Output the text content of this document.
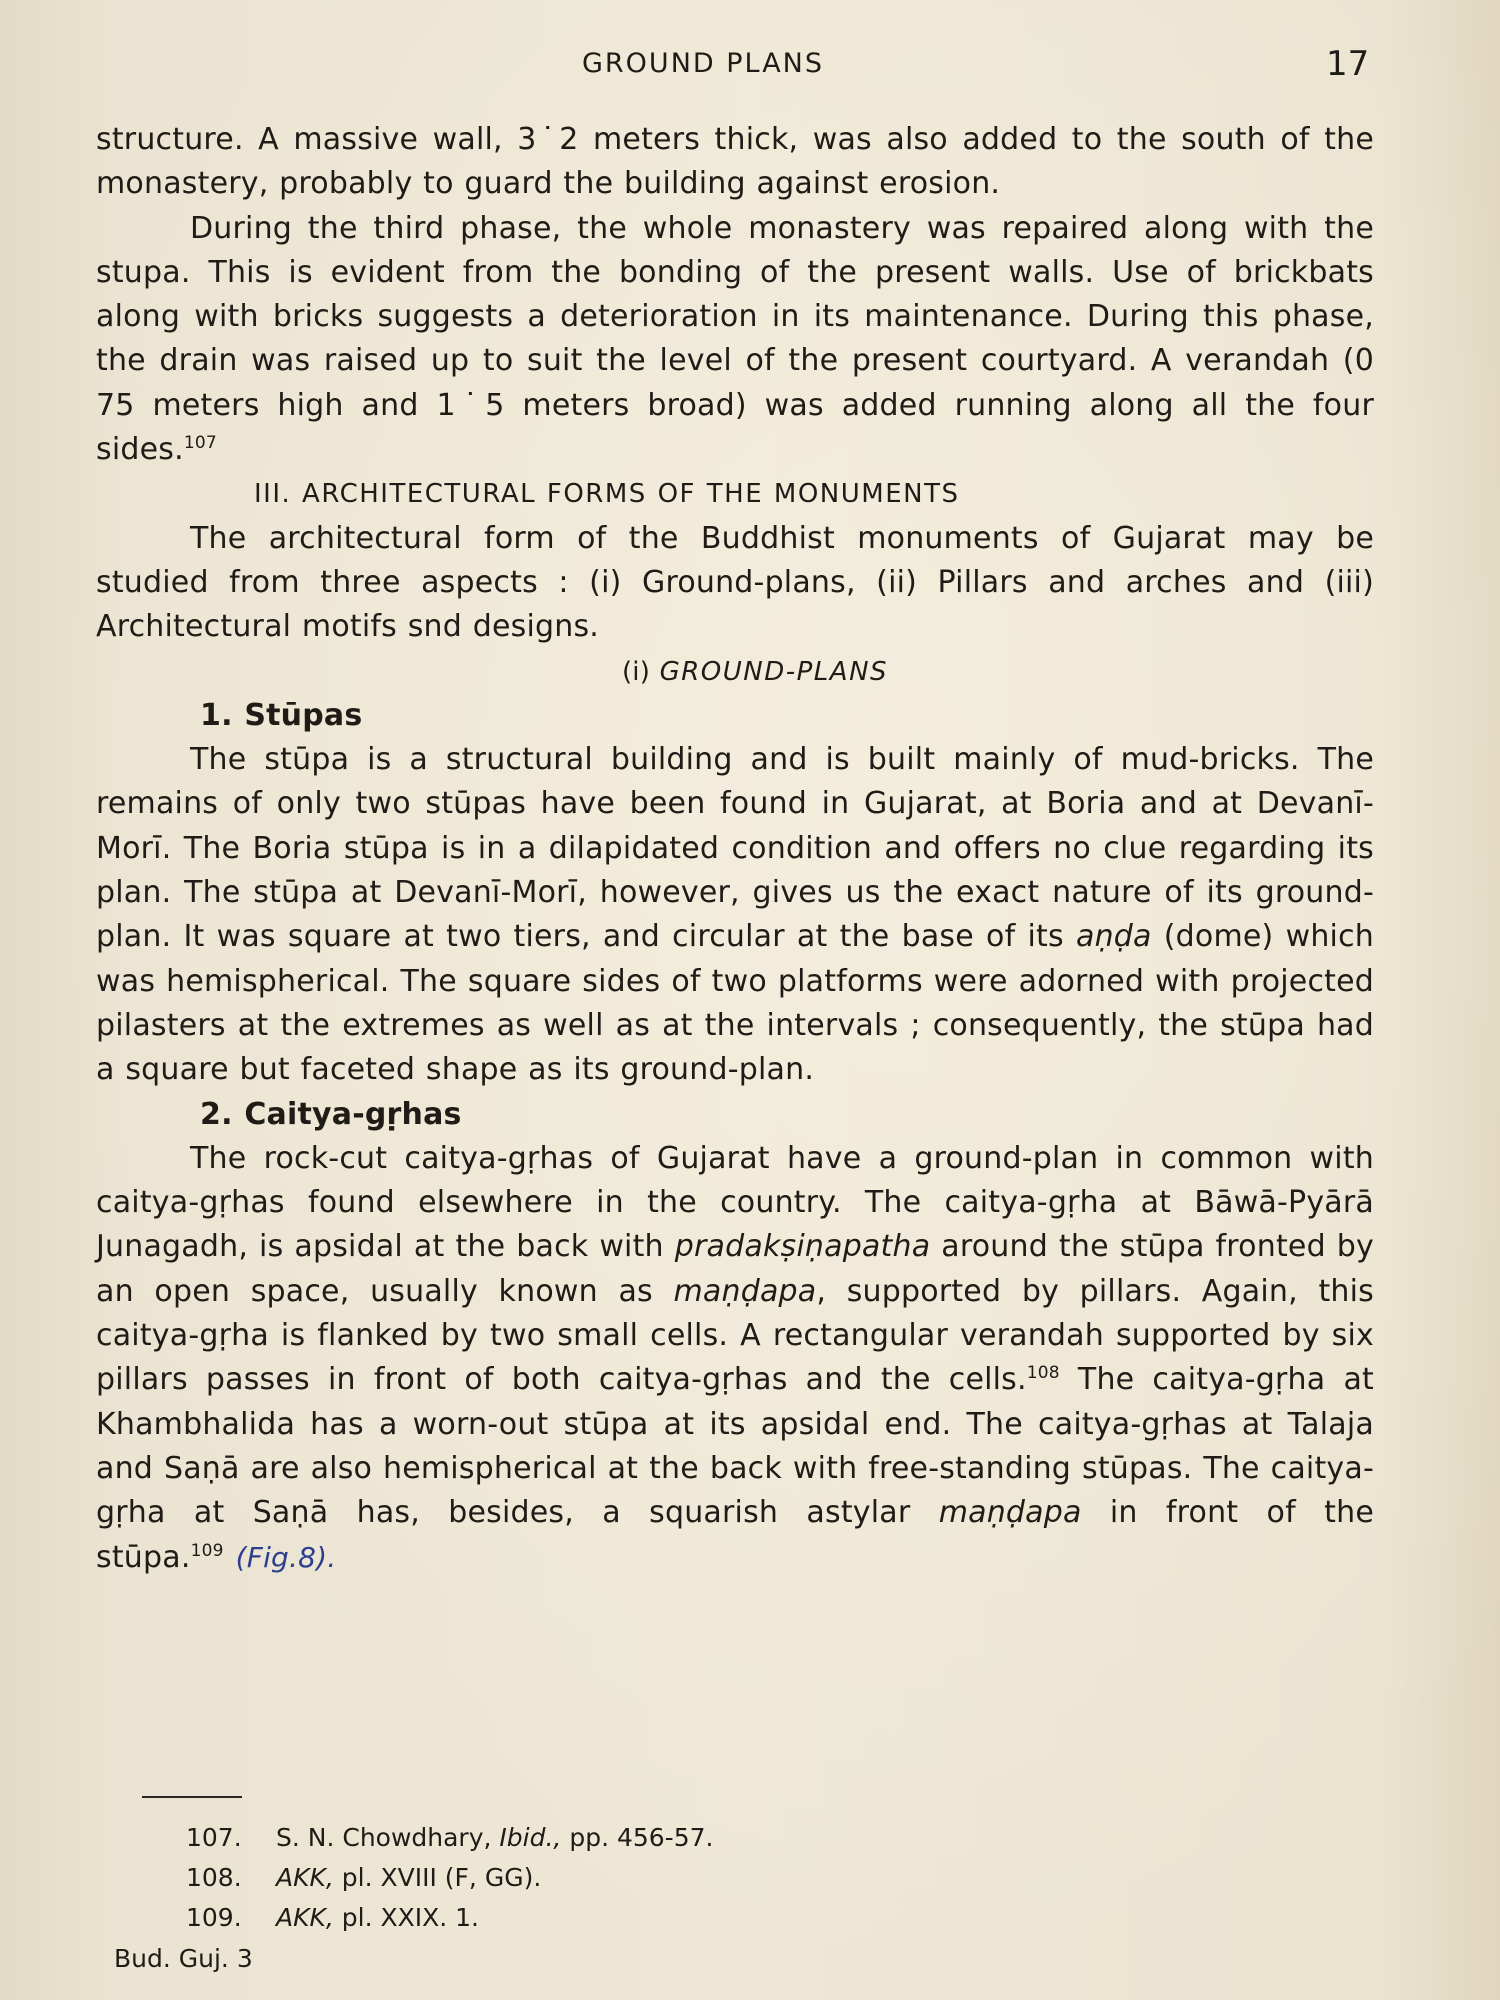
GROUND PLANS	17

structure. A massive wall, 3˙2 meters thick, was also added to the south of the monastery, probably to guard the building against erosion.

During the third phase, the whole monastery was repaired along with the stupa. This is evident from the bonding of the present walls. Use of brickbats along with bricks suggests a deterioration in its maintenance. During this phase, the drain was raised up to suit the level of the present courtyard. A verandah (0 75 meters high and 1˙5 meters broad) was added running along all the four sides.$^{107}$

III. ARCHITECTURAL FORMS OF THE MONUMENTS

The architectural form of the Buddhist monuments of Gujarat may be studied from three aspects : (i) Ground-plans, (ii) Pillars and arches and (iii) Architectural motifs snd designs.

(i) GROUND-PLANS

1. Stūpas

The stūpa is a structural building and is built mainly of mud-bricks. The remains of only two stūpas have been found in Gujarat, at Boria and at Devanī-Morī. The Boria stūpa is in a dilapidated condition and offers no clue regarding its plan. The stūpa at Devanī-Morī, however, gives us the exact nature of its ground-plan. It was square at two tiers, and circular at the base of its aṇḍa (dome) which was hemispherical. The square sides of two platforms were adorned with projected pilasters at the extremes as well as at the intervals ; consequently, the stūpa had a square but faceted shape as its ground-plan.

2. Caitya-gṛhas

The rock-cut caitya-gṛhas of Gujarat have a ground-plan in common with caitya-gṛhas found elsewhere in the country. The caitya-gṛha at Bāwā-Pyārā Junagadh, is apsidal at the back with pradakṣiṇapatha around the stūpa fronted by an open space, usually known as maṇḍapa, supported by pillars. Again, this caitya-gṛha is flanked by two small cells. A rectangular verandah supported by six pillars passes in front of both caitya-gṛhas and the cells.$^{108}$ The caitya-gṛha at Khambhalida has a worn-out stūpa at its apsidal end. The caitya-gṛhas at Talaja and Saṇā are also hemispherical at the back with free-standing stūpas. The caitya-gṛha at Saṇā has, besides, a squarish astylar maṇḍapa in front of the stūpa.$^{109}$ (Fig.8).

107.	S. N. Chowdhary, Ibid., pp. 456-57.
108.	AKK, pl. XVIII (F, GG).
109.	AKK, pl. XXIX. 1.
Bud. Guj. 3
